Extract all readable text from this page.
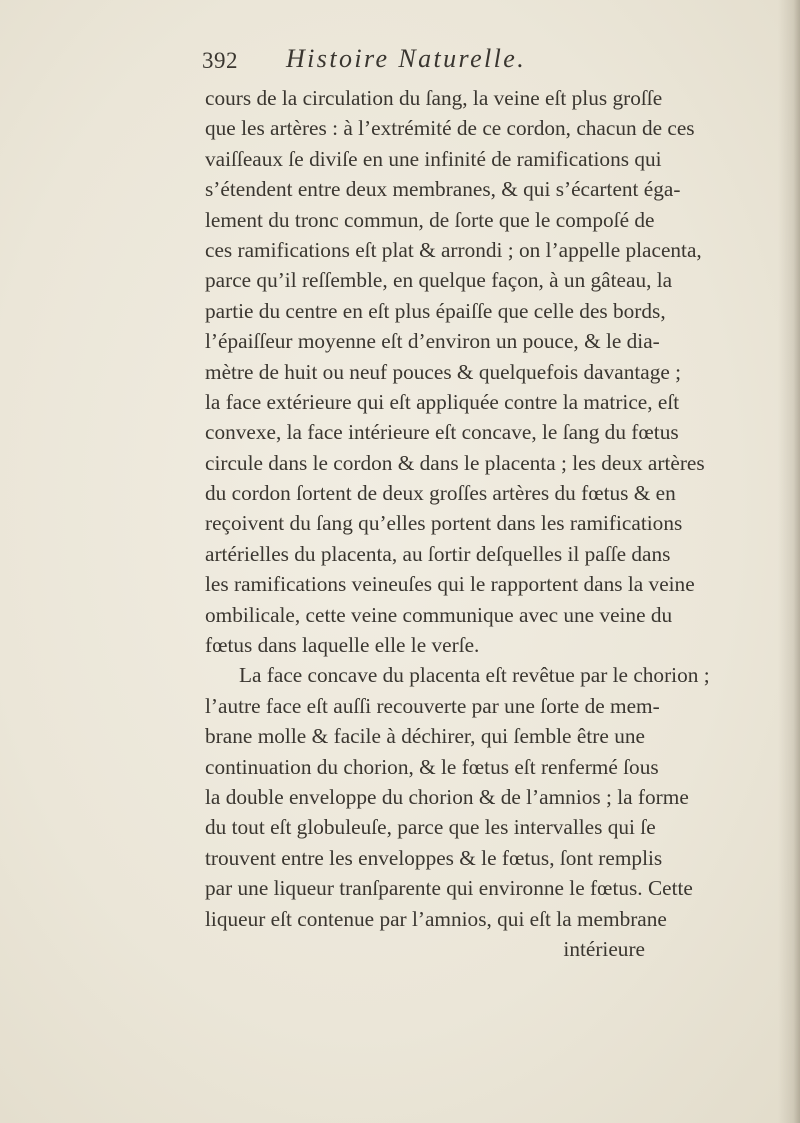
392 Histoire Naturelle.
cours de la circulation du ſang, la veine eſt plus groſſe
que les artères : à l’extrémité de ce cordon, chacun de ces
vaiſſeaux ſe diviſe en une infinité de ramifications qui
s’étendent entre deux membranes, & qui s’écartent éga-
lement du tronc commun, de ſorte que le compoſé de
ces ramifications eſt plat & arrondi ; on l’appelle placenta,
parce qu’il reſſemble, en quelque façon, à un gâteau, la
partie du centre en eſt plus épaiſſe que celle des bords,
l’épaiſſeur moyenne eſt d’environ un pouce, & le dia-
mètre de huit ou neuf pouces & quelquefois davantage ;
la face extérieure qui eſt appliquée contre la matrice, eſt
convexe, la face intérieure eſt concave, le ſang du fœtus
circule dans le cordon & dans le placenta ; les deux artères
du cordon ſortent de deux groſſes artères du fœtus & en
reçoivent du ſang qu’elles portent dans les ramifications
artérielles du placenta, au ſortir deſquelles il paſſe dans
les ramifications veineuſes qui le rapportent dans la veine
ombilicale, cette veine communique avec une veine du
fœtus dans laquelle elle le verſe.
La face concave du placenta eſt revêtue par le chorion ;
l’autre face eſt auſſi recouverte par une ſorte de mem-
brane molle & facile à déchirer, qui ſemble être une
continuation du chorion, & le fœtus eſt renfermé ſous
la double enveloppe du chorion & de l’amnios ; la forme
du tout eſt globuleuſe, parce que les intervalles qui ſe
trouvent entre les enveloppes & le fœtus, ſont remplis
par une liqueur tranſparente qui environne le fœtus. Cette
liqueur eſt contenue par l’amnios, qui eſt la membrane
intérieure
